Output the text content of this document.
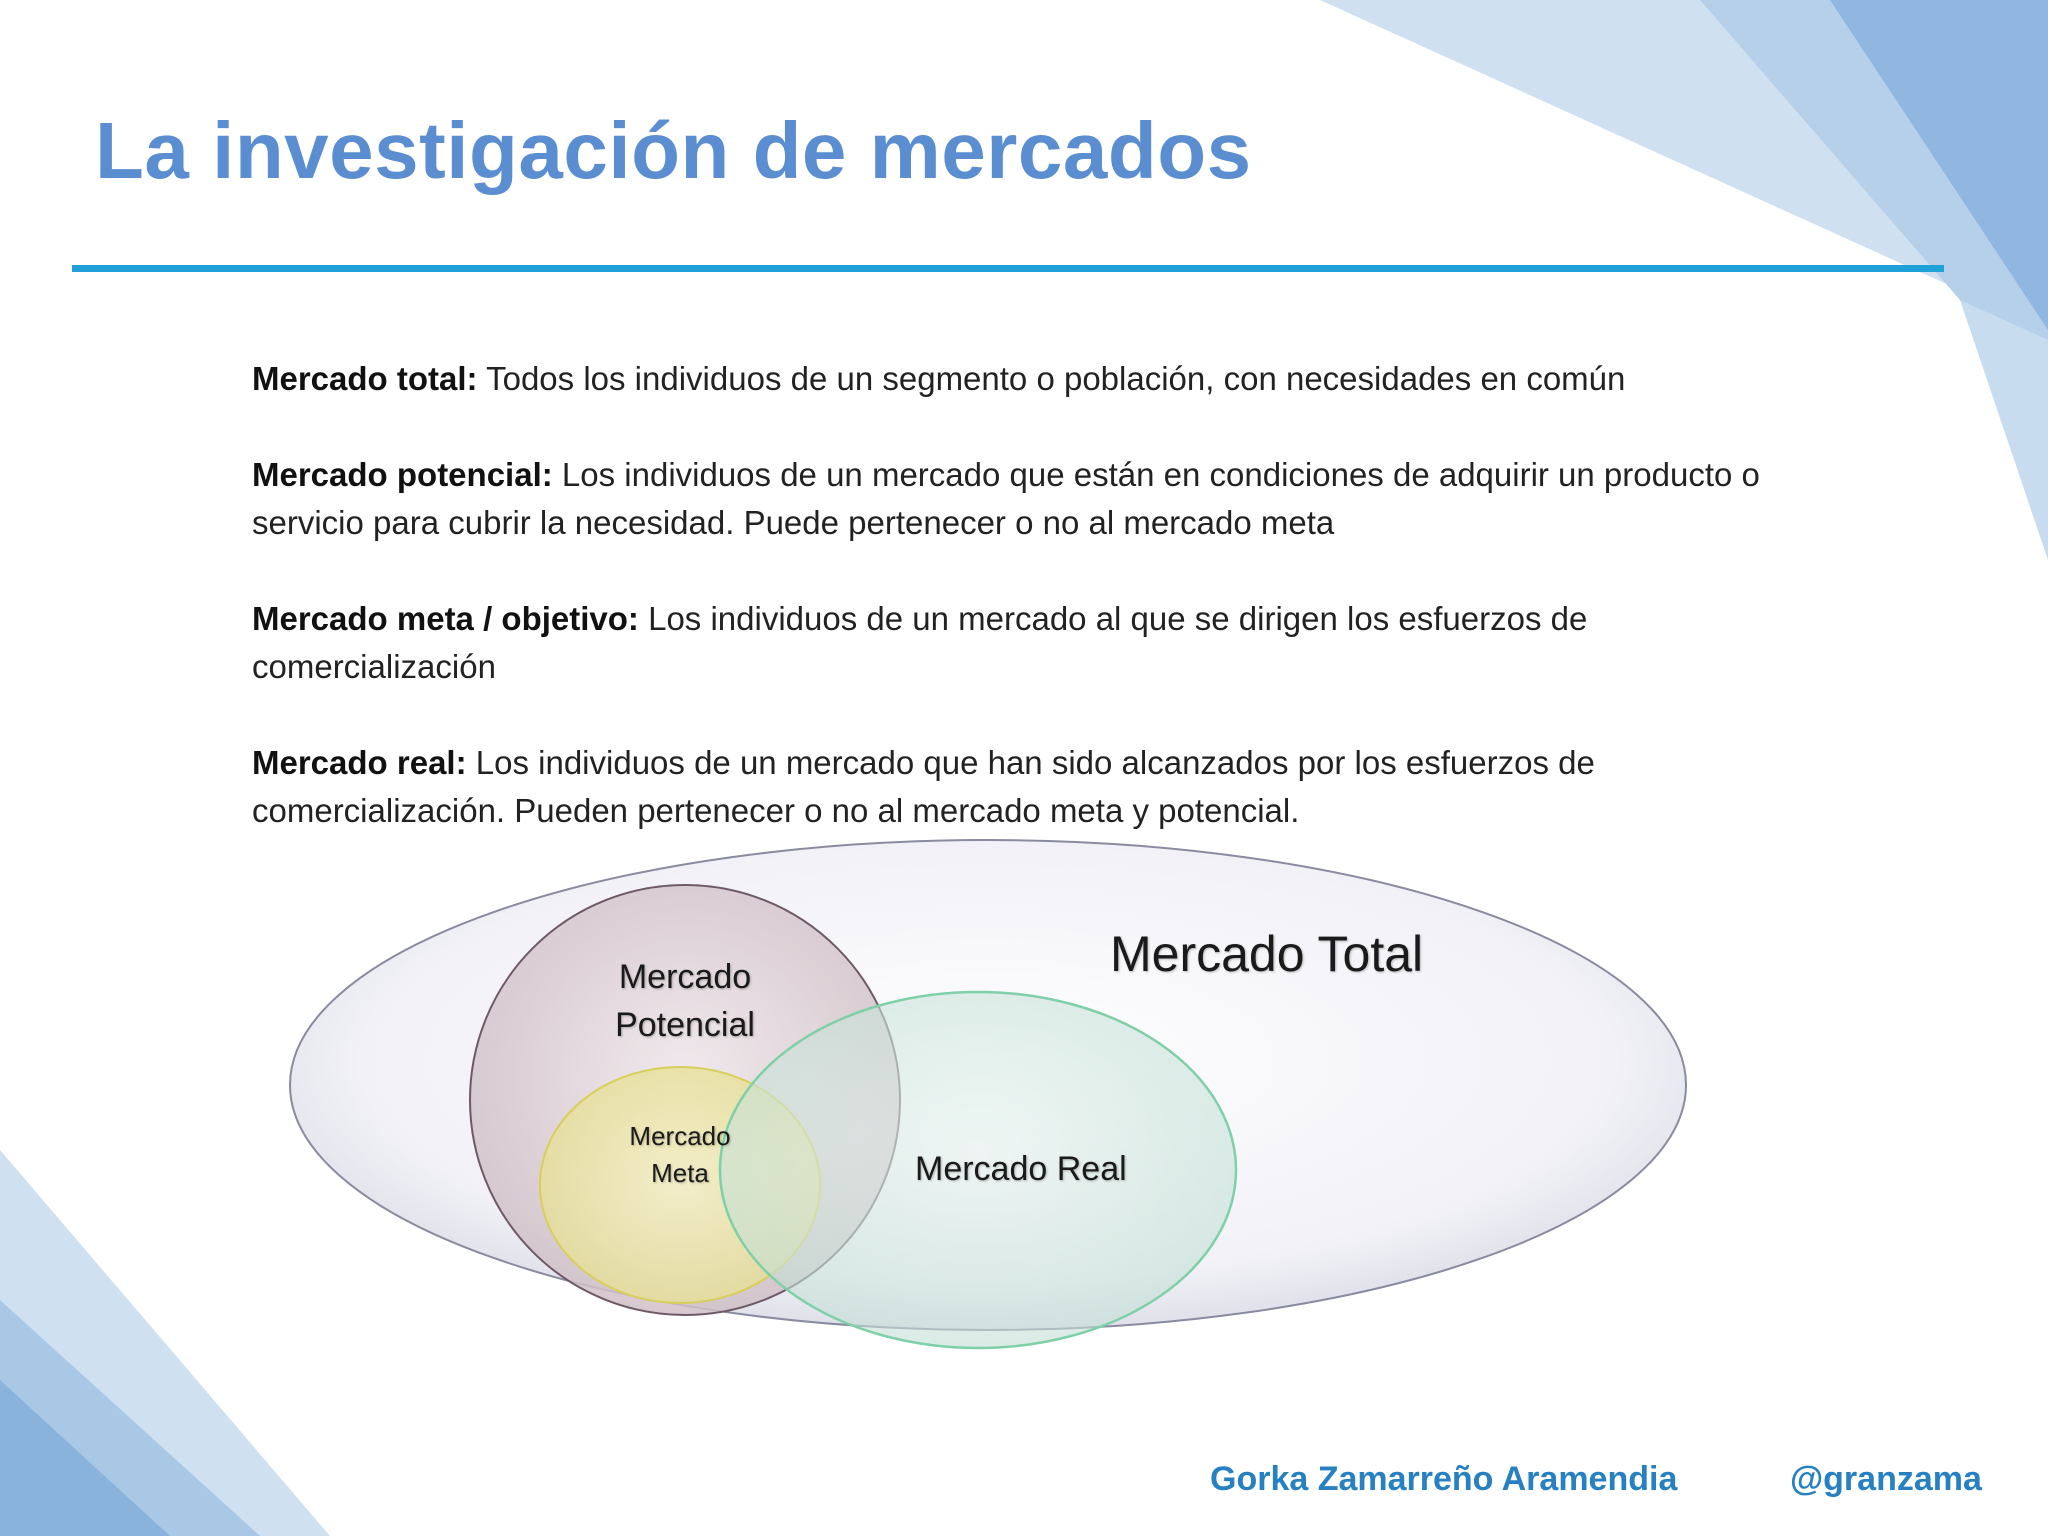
La investigación de mercados

Mercado total: Todos los individuos de un segmento o población, con necesidades en común

Mercado potencial: Los individuos de un mercado que están en condiciones de adquirir un producto o servicio para cubrir la necesidad. Puede pertenecer o no al mercado meta

Mercado meta / objetivo: Los individuos de un mercado al que se dirigen los esfuerzos de comercialización

Mercado real: Los individuos de un mercado que han sido alcanzados por los esfuerzos de comercialización. Pueden pertenecer o no al mercado meta y potencial.

Mercado Total
Mercado
Potencial
Mercado
Meta	Mercado Real
Gorka Zamarreño Aramendia	@granzama
